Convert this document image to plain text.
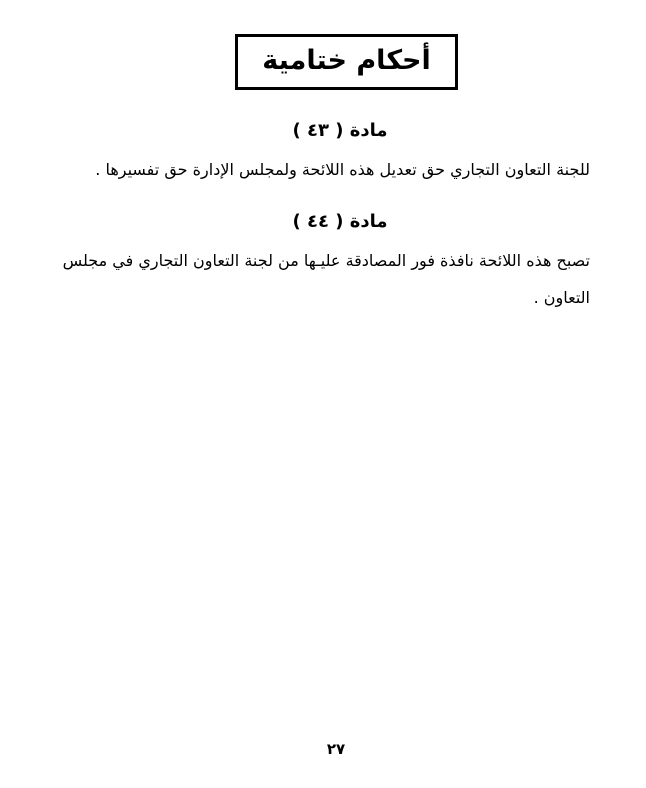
أحكام ختامية
مادة ( ٤٣ )
للجنة التعاون التجاري حق تعديل هذه اللائحة ولمجلس الإدارة حق تفسيرها .
مادة ( ٤٤ )
تصبح هذه اللائحة نافذة فور المصادقة عليـها من لجنة التعاون التجاري في مجلس
التعاون .
٢٧
